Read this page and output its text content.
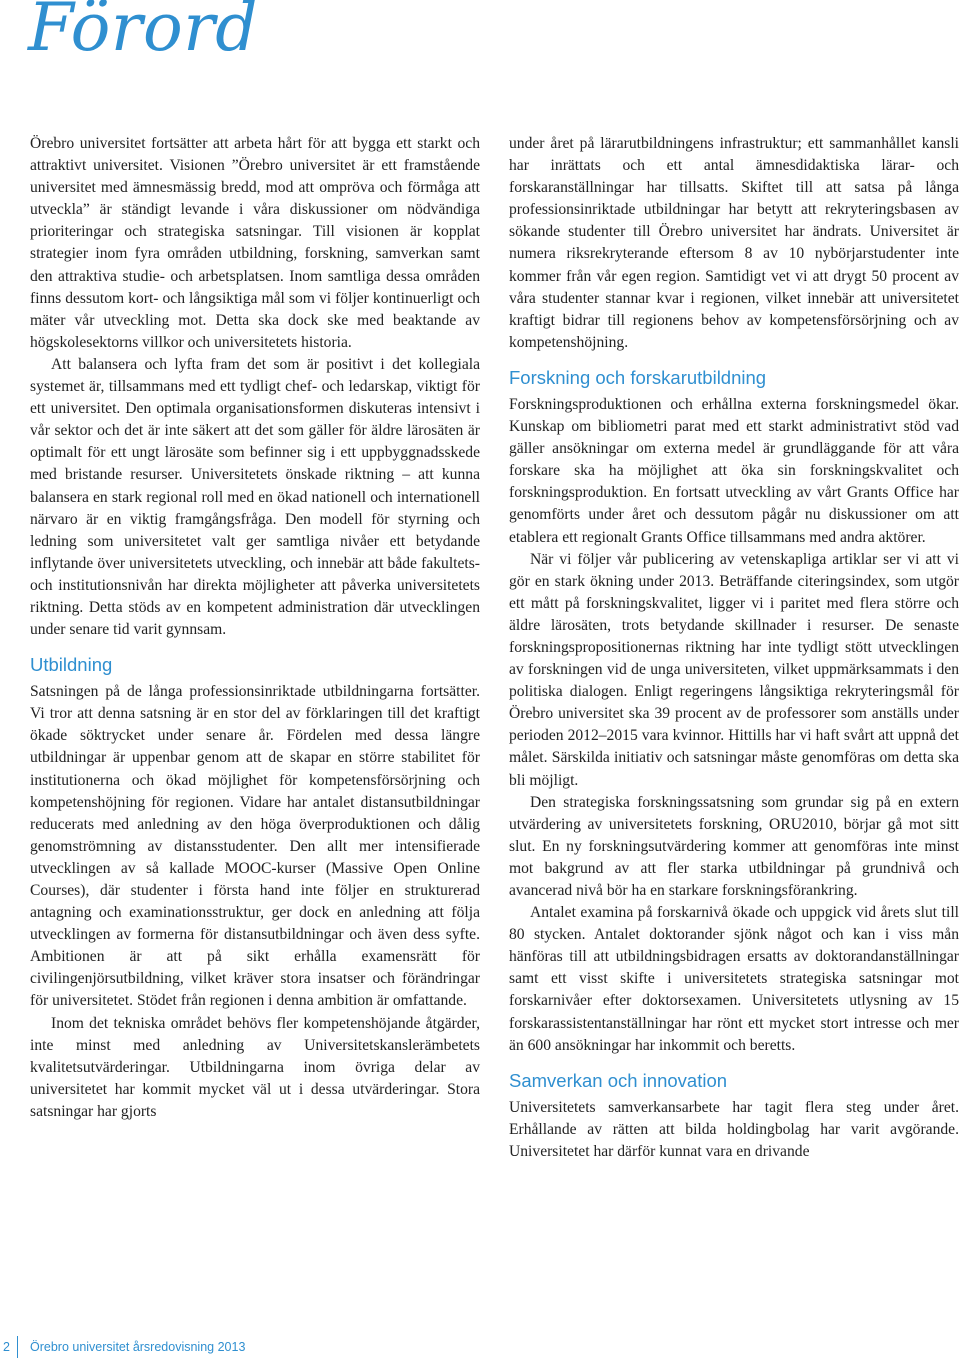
Förord

Örebro universitet fortsätter att arbeta hårt för att bygga ett starkt och attraktivt universitet. Visionen ”Örebro universitet är ett framstående universitet med ämnesmässig bredd, mod att ompröva och förmåga att utveckla” är ständigt levande i våra diskussioner om nödvändiga prioriteringar och strategiska satsningar. Till visionen är kopplat strategier inom fyra områden utbildning, forskning, samverkan samt den attraktiva studie- och arbetsplatsen. Inom samtliga dessa områden finns dessutom kort- och långsiktiga mål som vi följer kontinuerligt och mäter vår utveckling mot. Detta ska dock ske med beaktande av högskolesektorns villkor och universitetets historia.

Att balansera och lyfta fram det som är positivt i det kollegiala systemet är, tillsammans med ett tydligt chef- och ledarskap, viktigt för ett universitet. Den optimala organisationsformen diskuteras intensivt i vår sektor och det är inte säkert att det som gäller för äldre lärosäten är optimalt för ett ungt lärosäte som befinner sig i ett uppbyggnadsskede med bristande resurser. Universitetets önskade riktning – att kunna balansera en stark regional roll med en ökad nationell och internationell närvaro är en viktig framgångsfråga. Den modell för styrning och ledning som universitetet valt ger samtliga nivåer ett betydande inflytande över universitetets utveckling, och innebär att både fakultets- och institutionsnivån har direkta möjligheter att påverka universitetets riktning. Detta stöds av en kompetent administration där utvecklingen under senare tid varit gynnsam.

Utbildning

Satsningen på de långa professionsinriktade utbildningarna fortsätter. Vi tror att denna satsning är en stor del av förklaringen till det kraftigt ökade söktrycket under senare år. Fördelen med dessa längre utbildningar är uppenbar genom att de skapar en större stabilitet för institutionerna och ökad möjlighet för kompetensförsörjning och kompetenshöjning för regionen. Vidare har antalet distansutbildningar reducerats med anledning av den höga överproduktionen och dålig genomströmning av distansstudenter. Den allt mer intensifierade utvecklingen av så kallade MOOC-kurser (Massive Open Online Courses), där studenter i första hand inte följer en strukturerad antagning och examinationsstruktur, ger dock en anledning att följa utvecklingen av formerna för distansutbildningar och även dess syfte. Ambitionen är att på sikt erhålla examensrätt för civilingenjörsutbildning, vilket kräver stora insatser och förändringar för universitetet. Stödet från regionen i denna ambition är omfattande.

Inom det tekniska området behövs fler kompetenshöjande åtgärder, inte minst med anledning av Universitetskanslerämbetets kvalitetsutvärderingar. Utbildningarna inom övriga delar av universitetet har kommit mycket väl ut i dessa utvärderingar. Stora satsningar har gjorts

under året på lärarutbildningens infrastruktur; ett sammanhållet kansli har inrättats och ett antal ämnesdidaktiska lärar- och forskaranställningar har tillsatts. Skiftet till att satsa på långa professionsinriktade utbildningar har betytt att rekryteringsbasen av sökande studenter till Örebro universitet har ändrats. Universitet är numera riksrekryterande eftersom 8 av 10 nybörjarstudenter inte kommer från vår egen region. Samtidigt vet vi att drygt 50 procent av våra studenter stannar kvar i regionen, vilket innebär att universitetet kraftigt bidrar till regionens behov av kompetensförsörjning och av kompetenshöjning.

Forskning och forskarutbildning

Forskningsproduktionen och erhållna externa forskningsmedel ökar. Kunskap om bibliometri parat med ett starkt administrativt stöd vad gäller ansökningar om externa medel är grundläggande för att våra forskare ska ha möjlighet att öka sin forskningskvalitet och forskningsproduktion. En fortsatt utveckling av vårt Grants Office har genomförts under året och dessutom pågår nu diskussioner om att etablera ett regionalt Grants Office tillsammans med andra aktörer.

När vi följer vår publicering av vetenskapliga artiklar ser vi att vi gör en stark ökning under 2013. Beträffande citeringsindex, som utgör ett mått på forskningskvalitet, ligger vi i paritet med flera större och äldre lärosäten, trots betydande skillnader i resurser. De senaste forskningspropositionernas riktning har inte tydligt stött utvecklingen av forskningen vid de unga universiteten, vilket uppmärksammats i den politiska dialogen. Enligt regeringens långsiktiga rekryteringsmål för Örebro universitet ska 39 procent av de professorer som anställs under perioden 2012–2015 vara kvinnor. Hittills har vi haft svårt att uppnå det målet. Särskilda initiativ och satsningar måste genomföras om detta ska bli möjligt.

Den strategiska forskningssatsning som grundar sig på en extern utvärdering av universitetets forskning, ORU2010, börjar gå mot sitt slut. En ny forskningsutvärdering kommer att genomföras inte minst mot bakgrund av att fler starka utbildningar på grundnivå och avancerad nivå bör ha en starkare forskningsförankring.

Antalet examina på forskarnivå ökade och uppgick vid årets slut till 80 stycken. Antalet doktorander sjönk något och kan i viss mån hänföras till att utbildningsbidragen ersatts av doktorandanställningar samt ett visst skifte i universitetets strategiska satsningar mot forskarnivåer efter doktorsexamen. Universitetets utlysning av 15 forskarassistentanställningar har rönt ett mycket stort intresse och mer än 600 ansökningar har inkommit och beretts.

Samverkan och innovation

Universitetets samverkansarbete har tagit flera steg under året. Erhållande av rätten att bilda holdingbolag har varit avgörande. Universitetet har därför kunnat vara en drivande

2 Örebro universitet årsredovisning 2013
